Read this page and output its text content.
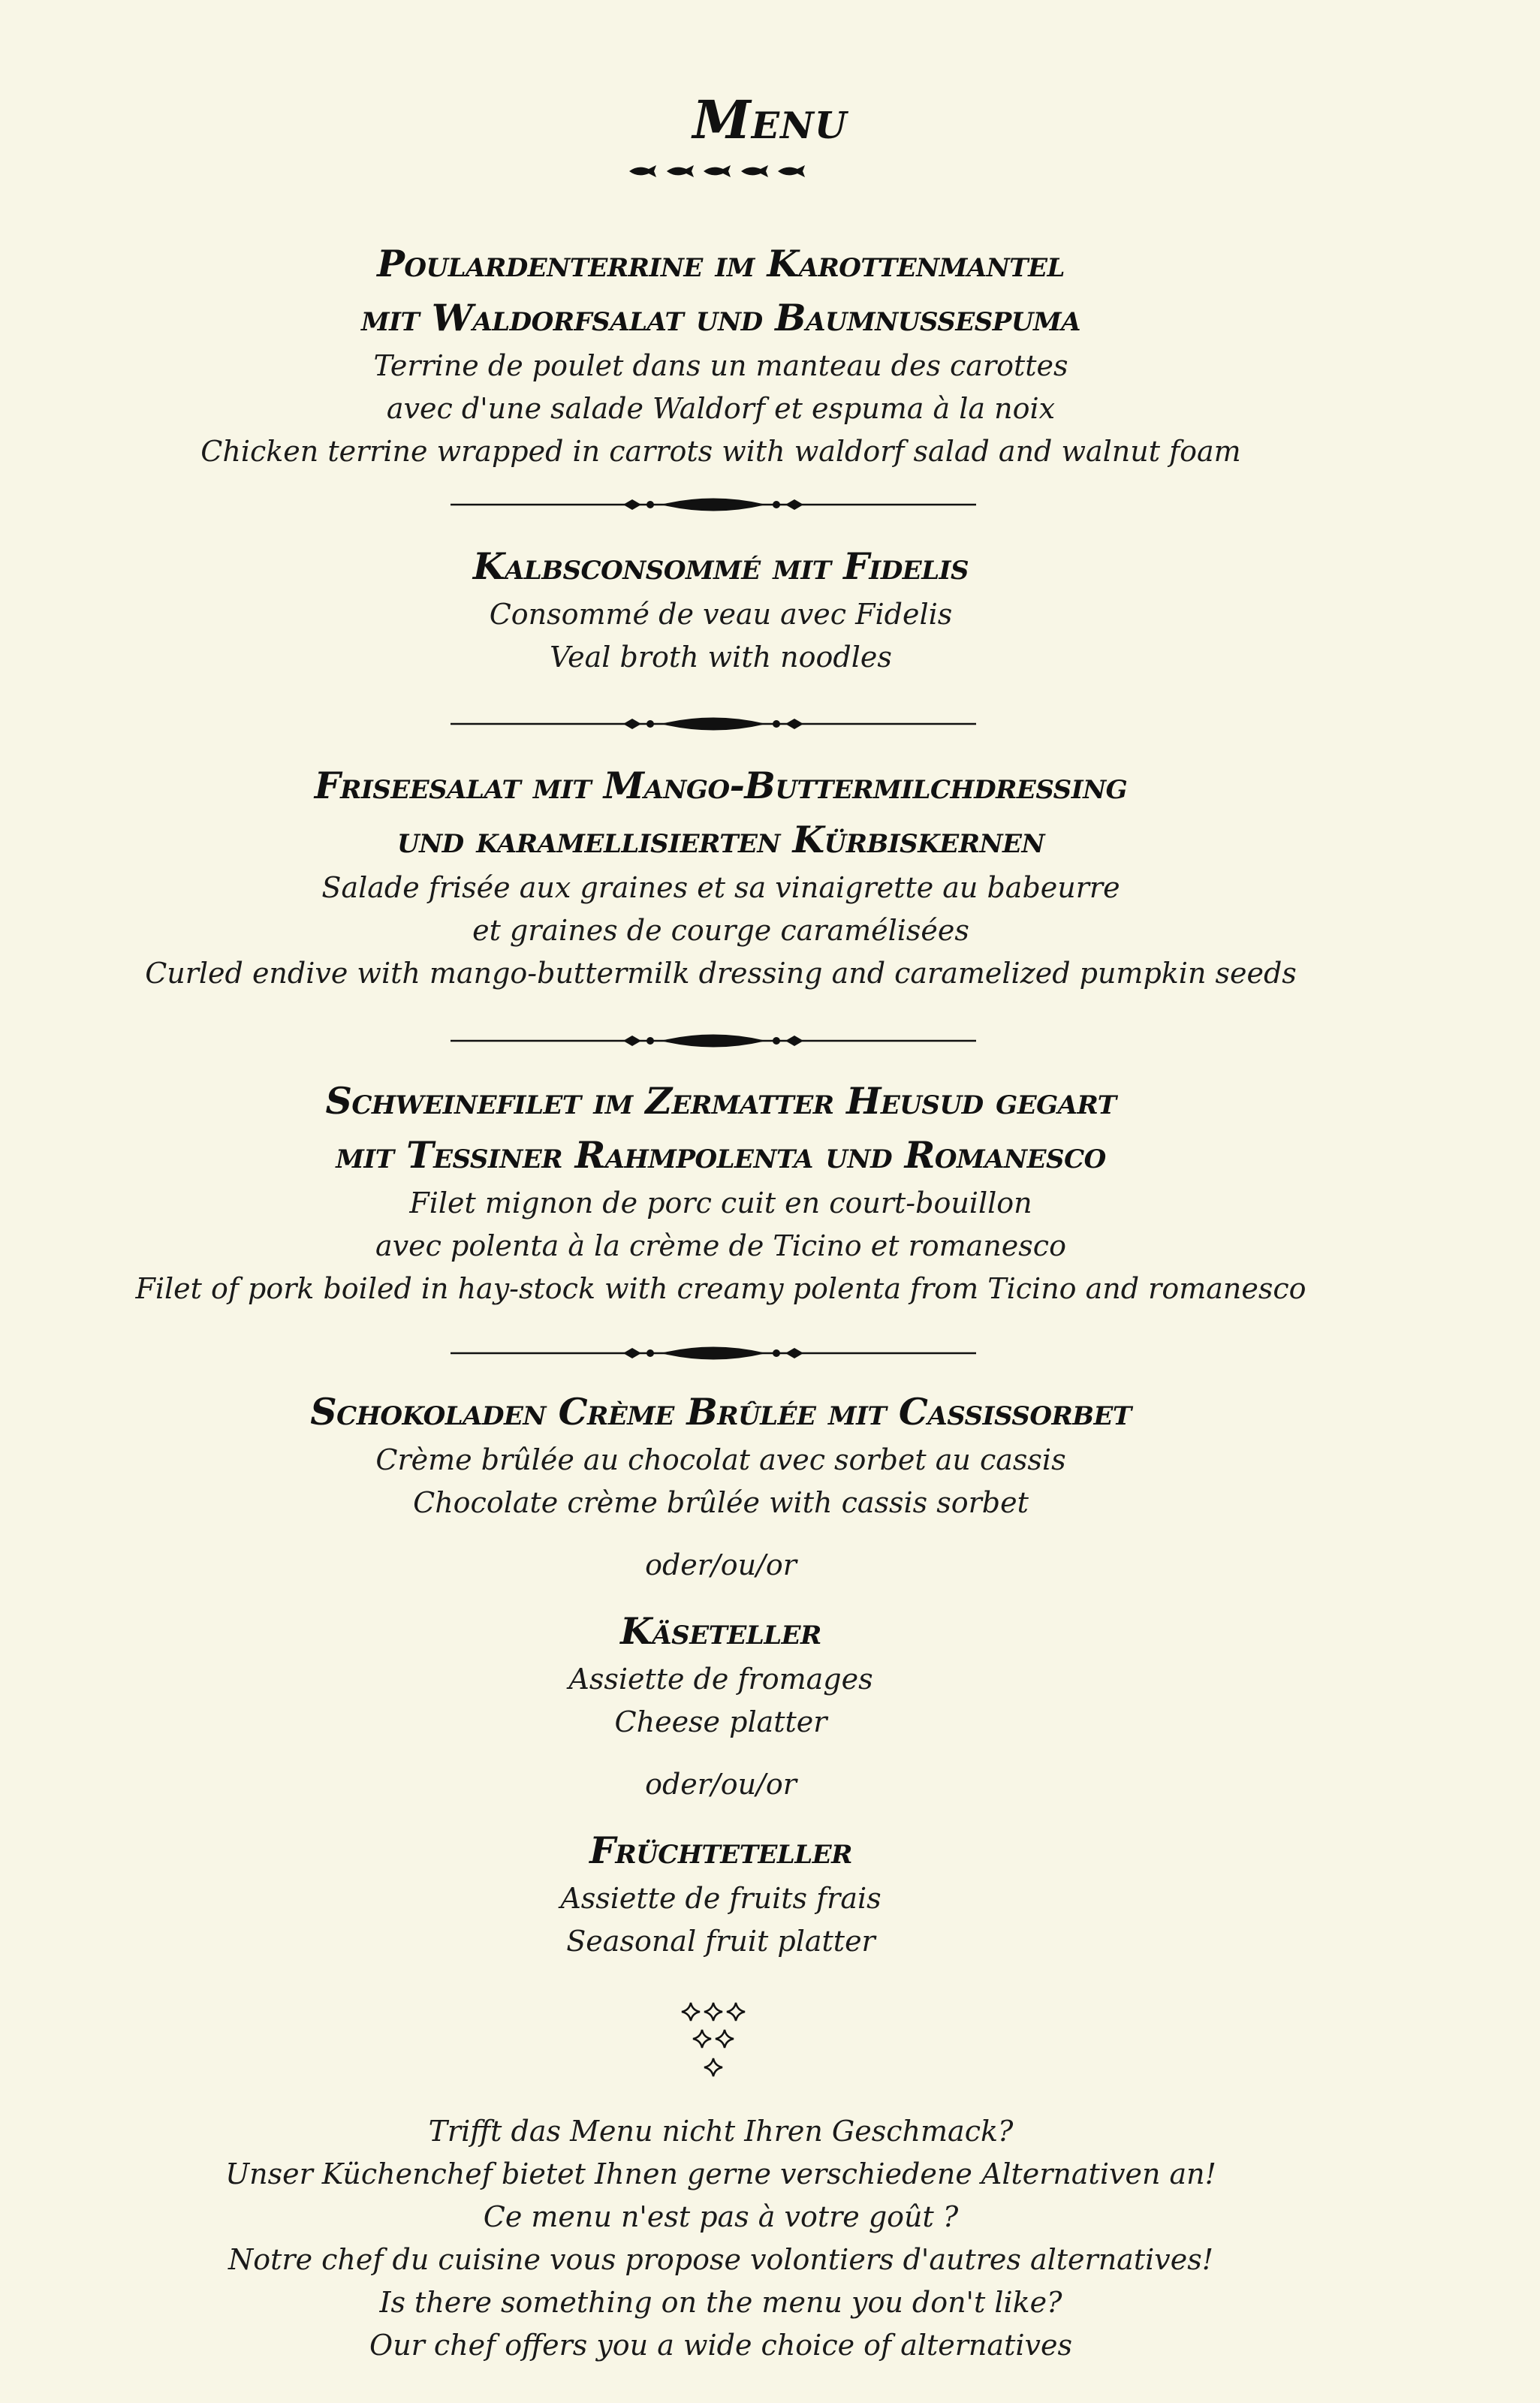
Menu
Poulardenterrine im Karottenmantel
mit Waldorfsalat und Baumnussespuma
Terrine de poulet dans un manteau des carottes
avec d'une salade Waldorf et espuma à la noix
Chicken terrine wrapped in carrots with waldorf salad and walnut foam
Kalbsconsommé mit Fidelis
Consommé de veau avec Fidelis
Veal broth with noodles
Friseesalat mit Mango-Buttermilchdressing
und karamellisierten Kürbiskernen
Salade frisée aux graines et sa vinaigrette au babeurre
et graines de courge caramélisées
Curled endive with mango-buttermilk dressing and caramelized pumpkin seeds
Schweinefilet im Zermatter Heusud gegart
mit Tessiner Rahmpolenta und Romanesco
Filet mignon de porc cuit en court-bouillon
avec polenta à la crème de Ticino et romanesco
Filet of pork boiled in hay-stock with creamy polenta from Ticino and romanesco
Schokoladen Crème Brûlée mit Cassissorbet
Crème brûlée au chocolat avec sorbet au cassis
Chocolate crème brûlée with cassis sorbet
oder/ou/or
Käseteller
Assiette de fromages
Cheese platter
oder/ou/or
Früchteteller
Assiette de fruits frais
Seasonal fruit platter
Trifft das Menu nicht Ihren Geschmack?
Unser Küchenchef bietet Ihnen gerne verschiedene Alternativen an!
Ce menu n'est pas à votre goût ?
Notre chef du cuisine vous propose volontiers d'autres alternatives!
Is there something on the menu you don't like?
Our chef offers you a wide choice of alternatives
